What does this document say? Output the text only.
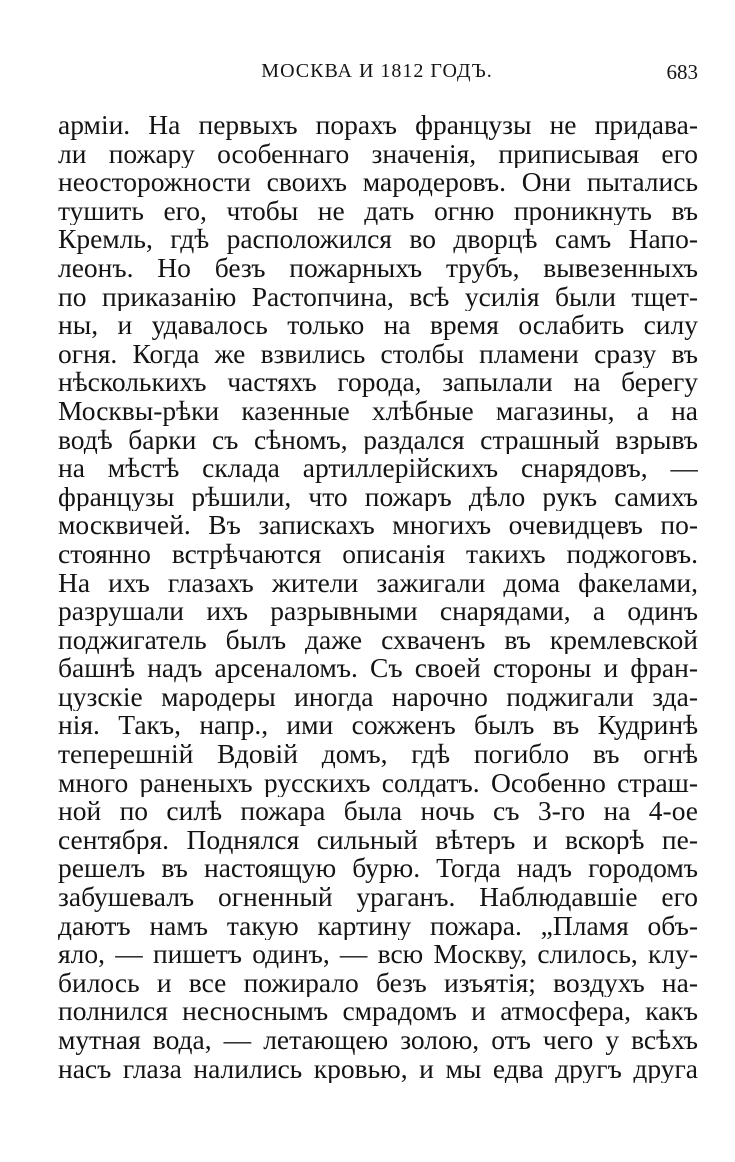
МОСКВА И 1812 ГОДЪ.	683
арміи. На первыхъ порахъ французы не придава-
ли пожару особеннаго значенія, приписывая его
неосторожности своихъ мародеровъ. Они пытались
тушить его, чтобы не дать огню проникнуть въ
Кремль, гдѣ расположился во дворцѣ самъ Напо-
леонъ. Но безъ пожарныхъ трубъ, вывезенныхъ
по приказанію Растопчина, всѣ усилія были тщет-
ны, и удавалось только на время ослабить силу
огня. Когда же взвились столбы пламени сразу въ
нѣсколькихъ частяхъ города, запылали на берегу
Москвы-рѣки казенные хлѣбные магазины, а на
водѣ барки съ сѣномъ, раздался страшный взрывъ
на мѣстѣ склада артиллерійскихъ снарядовъ, —
французы рѣшили, что пожаръ дѣло рукъ самихъ
москвичей. Въ запискахъ многихъ очевидцевъ по-
стоянно встрѣчаются описанія такихъ поджоговъ.
На ихъ глазахъ жители зажигали дома факелами,
разрушали ихъ разрывными снарядами, а одинъ
поджигатель былъ даже схваченъ въ кремлевской
башнѣ надъ арсеналомъ. Съ своей стороны и фран-
цузскіе мародеры иногда нарочно поджигали зда-
нія. Такъ, напр., ими сожженъ былъ въ Кудринѣ
теперешній Вдовій домъ, гдѣ погибло въ огнѣ
много раненыхъ русскихъ солдатъ. Особенно страш-
ной по силѣ пожара была ночь съ 3-го на 4-ое
сентября. Поднялся сильный вѣтеръ и вскорѣ пе-
решелъ въ настоящую бурю. Тогда надъ городомъ
забушевалъ огненный ураганъ. Наблюдавшіе его
даютъ намъ такую картину пожара. „Пламя объ-
яло, — пишетъ одинъ, — всю Москву, слилось, клу-
билось и все пожирало безъ изъятія; воздухъ на-
полнился несноснымъ смрадомъ и атмосфера, какъ
мутная вода, — летающею золою, отъ чего у всѣхъ
насъ глаза налились кровью, и мы едва другъ друга
